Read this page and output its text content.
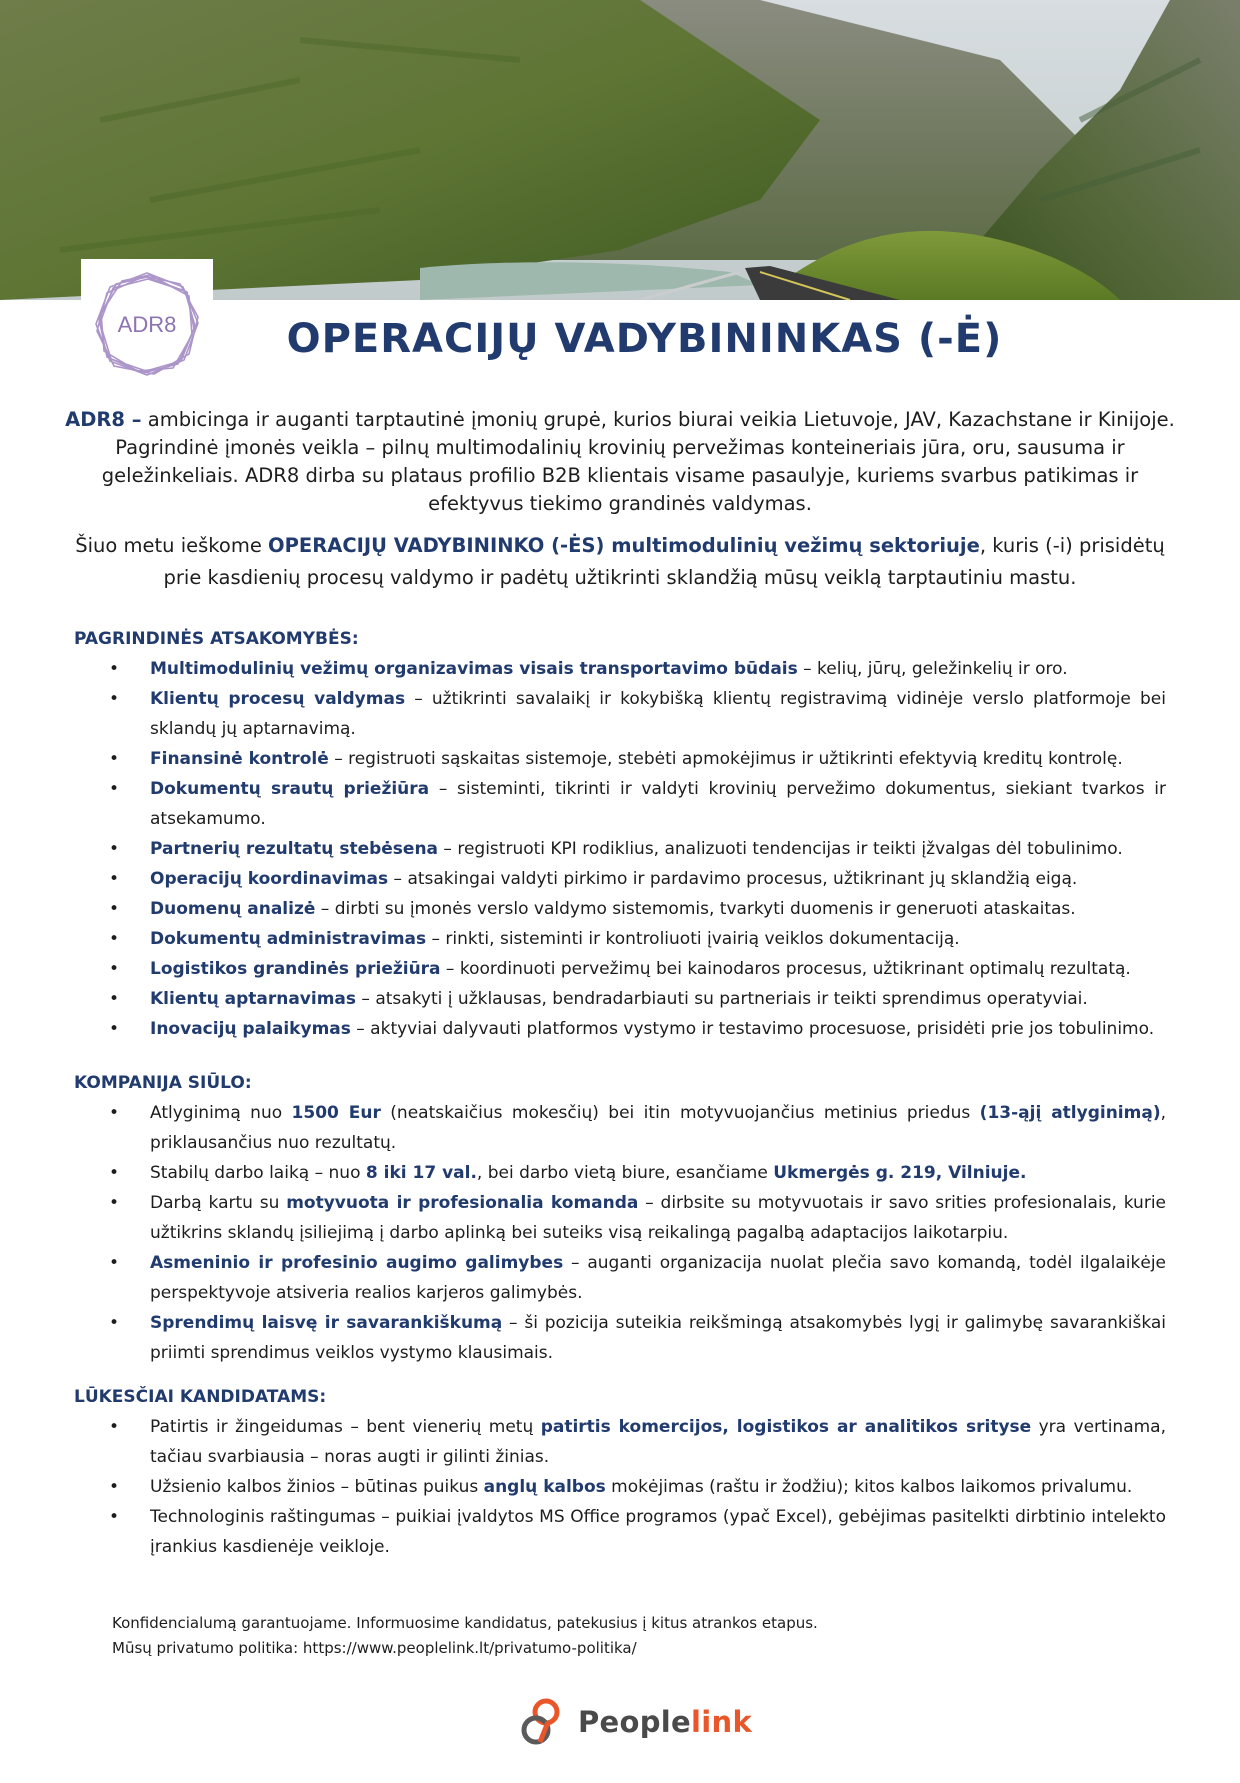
ADR8	OPERACIJŲ VADYBININKAS (-Ė)

ADR8 – ambicinga ir auganti tarptautinė įmonių grupė, kurios biurai veikia Lietuvoje, JAV, Kazachstane ir Kinijoje. Pagrindinė įmonės veikla – pilnų multimodalinių krovinių pervežimas konteineriais jūra, oru, sausuma ir geležinkeliais. ADR8 dirba su plataus profilio B2B klientais visame pasaulyje, kuriems svarbus patikimas ir efektyvus tiekimo grandinės valdymas.

Šiuo metu ieškome OPERACIJŲ VADYBININKO (-ĖS) multimodulinių vežimų sektoriuje, kuris (-i) prisidėtų prie kasdienių procesų valdymo ir padėtų užtikrinti sklandžią mūsų veiklą tarptautiniu mastu.

PAGRINDINĖS ATSAKOMYBĖS:

• Multimodulinių vežimų organizavimas visais transportavimo būdais – kelių, jūrų, geležinkelių ir oro.
• Klientų procesų valdymas – užtikrinti savalaikį ir kokybišką klientų registravimą vidinėje verslo platformoje bei sklandų jų aptarnavimą.
• Finansinė kontrolė – registruoti sąskaitas sistemoje, stebėti apmokėjimus ir užtikrinti efektyvią kreditų kontrolę.
• Dokumentų srautų priežiūra – sisteminti, tikrinti ir valdyti krovinių pervežimo dokumentus, siekiant tvarkos ir atsekamumo.
• Partnerių rezultatų stebėsena – registruoti KPI rodiklius, analizuoti tendencijas ir teikti įžvalgas dėl tobulinimo.
• Operacijų koordinavimas – atsakingai valdyti pirkimo ir pardavimo procesus, užtikrinant jų sklandžią eigą.
• Duomenų analizė – dirbti su įmonės verslo valdymo sistemomis, tvarkyti duomenis ir generuoti ataskaitas.
• Dokumentų administravimas – rinkti, sisteminti ir kontroliuoti įvairią veiklos dokumentaciją.
• Logistikos grandinės priežiūra – koordinuoti pervežimų bei kainodaros procesus, užtikrinant optimalų rezultatą.
• Klientų aptarnavimas – atsakyti į užklausas, bendradarbiauti su partneriais ir teikti sprendimus operatyviai.
• Inovacijų palaikymas – aktyviai dalyvauti platformos vystymo ir testavimo procesuose, prisidėti prie jos tobulinimo.

KOMPANIJA SIŪLO:

• Atlyginimą nuo 1500 Eur (neatskaičius mokesčių) bei itin motyvuojančius metinius priedus (13-ąjį atlyginimą), priklausančius nuo rezultatų.
• Stabilų darbo laiką – nuo 8 iki 17 val., bei darbo vietą biure, esančiame Ukmergės g. 219, Vilniuje.
• Darbą kartu su motyvuota ir profesionalia komanda – dirbsite su motyvuotais ir savo srities profesionalais, kurie užtikrins sklandų įsiliejimą į darbo aplinką bei suteiks visą reikalingą pagalbą adaptacijos laikotarpiu.
• Asmeninio ir profesinio augimo galimybes – auganti organizacija nuolat plečia savo komandą, todėl ilgalaikėje perspektyvoje atsiveria realios karjeros galimybės.
• Sprendimų laisvę ir savarankiškumą – ši pozicija suteikia reikšmingą atsakomybės lygį ir galimybę savarankiškai priimti sprendimus veiklos vystymo klausimais.

LŪKESČIAI KANDIDATAMS:

• Patirtis ir žingeidumas – bent vienerių metų patirtis komercijos, logistikos ar analitikos srityse yra vertinama, tačiau svarbiausia – noras augti ir gilinti žinias.
• Užsienio kalbos žinios – būtinas puikus anglų kalbos mokėjimas (raštu ir žodžiu); kitos kalbos laikomos privalumu.
• Technologinis raštingumas – puikiai įvaldytos MS Office programos (ypač Excel), gebėjimas pasitelkti dirbtinio intelekto įrankius kasdienėje veikloje.
Konfidencialumą garantuojame. Informuosime kandidatus, patekusius į kitus atrankos etapus.
Mūsų privatumo politika: https://www.peoplelink.lt/privatumo-politika/
Peoplelink
